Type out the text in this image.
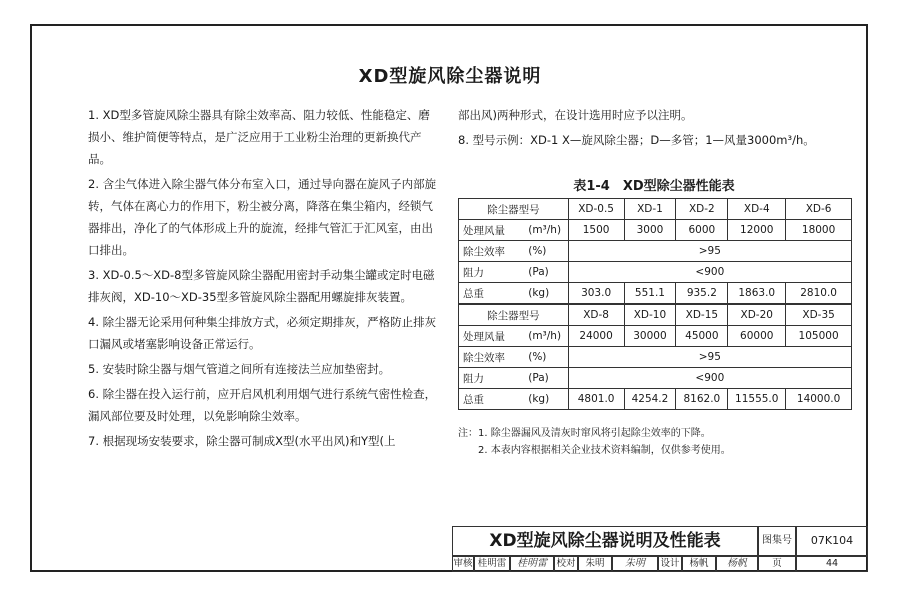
XD型旋风除尘器说明

1. XD型多管旋风除尘器具有除尘效率高、阻力较低、性能稳定、磨损小、维护简便等特点，是广泛应用于工业粉尘治理的更新换代产品。

2. 含尘气体进入除尘器气体分布室入口，通过导向器在旋风子内部旋转，气体在离心力的作用下，粉尘被分离，降落在集尘箱内，经锁气器排出，净化了的气体形成上升的旋流，经排气管汇于汇风室，由出口排出。

3. XD-0.5～XD-8型多管旋风除尘器配用密封手动集尘罐或定时电磁排灰阀，XD-10～XD-35型多管旋风除尘器配用螺旋排灰装置。

4. 除尘器无论采用何种集尘排放方式，必须定期排灰，严格防止排灰口漏风或堵塞影响设备正常运行。

5. 安装时除尘器与烟气管道之间所有连接法兰应加垫密封。

6. 除尘器在投入运行前，应开启风机利用烟气进行系统气密性检查，漏风部位要及时处理，以免影响除尘效率。

7. 根据现场安装要求，除尘器可制成X型(水平出风)和Y型(上

部出风)两种形式，在设计选用时应予以注明。

8. 型号示例：XD-1 X—旋风除尘器；D—多管；1—风量3000m³/h。

表1-4　XD型除尘器性能表
除尘器型号		XD-0.5	XD-1	XD-2	XD-4	XD-6
处理风量	(m³/h)	1500	3000	6000	12000	18000
除尘效率	(%)	>95				
阻力	(Pa)	<900				
总重	(kg)	303.0	551.1	935.2	1863.0	2810.0
除尘器型号		XD-8	XD-10	XD-15	XD-20	XD-35
处理风量	(m³/h)	24000	30000	45000	60000	105000
除尘效率	(%)	>95				
阻力	(Pa)	<900				
总重	(kg)	4801.0	4254.2	8162.0	11555.0	14000.0
注：1. 除尘器漏风及清灰时窜风将引起除尘效率的下降。
2. 本表内容根据相关企业技术资料编制，仅供参考使用。
XD型旋风除尘器说明及性能表	图集号	07K104
审核 桂明雷	桂明雷 校对	朱明	朱明	设计	杨帆	杨帆	页	44
